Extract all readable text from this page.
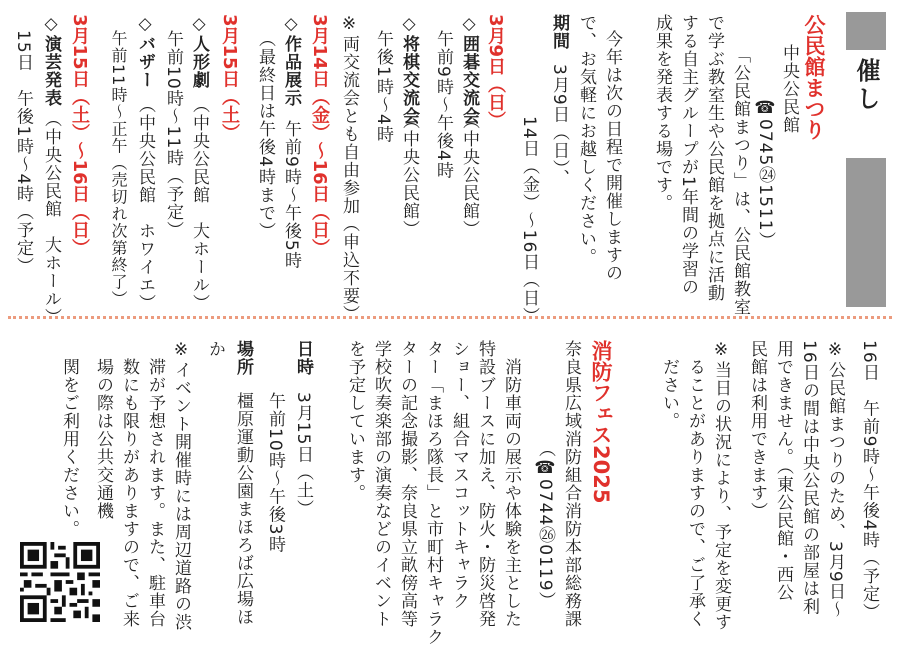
催し
公民館まつり
中央公民館
☎0745㉔1511）
「公民館まつり」は、公民館教室
で学ぶ教室生や公民館を拠点に活動
する自主グループが1年間の学習の
成果を発表する場です。
今年は次の日程で開催しますの
で、お気軽にお越しください。
期間
3月9日（日）、
14日（金）～16日（日）
3月9日（日）
◇囲碁交流会
（中央公民館）
午前9時～午後4時
◇将棋交流会
（中央公民館）
午後1時～4時
※両交流会とも自由参加（申込不要）
3月14日（金）～16日（日）
◇作品展示
午前9時～午後5時
（最終日は午後4時まで）
3月15日（土）
◇人形劇
（中央公民館　大ホール）
午前10時～11時（予定）
◇バザー
（中央公民館　ホワイエ）
午前11時～正午（売切れ次第終了）
3月15日（土）～16日（日）
◇演芸発表
（中央公民館　大ホール）
15日　午後1時～4時（予定）
16日　午前9時～午後4時（予定）
※公民館まつりのため、3月9日～
16日の間は中央公民館の部屋は利
用できません。（東公民館・西公
民館は利用できます）
※当日の状況により、予定を変更す
ることがありますので、ご了承く
ださい。
消防フェス2025
奈良県広域消防組合消防本部総務課
（☎0744㉖0119）
消防車両の展示や体験を主とした
特設ブースに加え、防火・防災啓発
ショー、組合マスコットキャラク
ター「まほろ隊長」と市町村キャラク
ターの記念撮影、奈良県立畝傍高等
学校吹奏楽部の演奏などのイベント
を予定しています。
日時
3月15日（土）
午前10時～午後3時
場所
橿原運動公園まほろば広場ほ
か
※イベント開催時には周辺道路の渋
滞が予想されます。また、駐車台
数にも限りがありますので、ご来
場の際は公共交通機
関をご利用ください。
